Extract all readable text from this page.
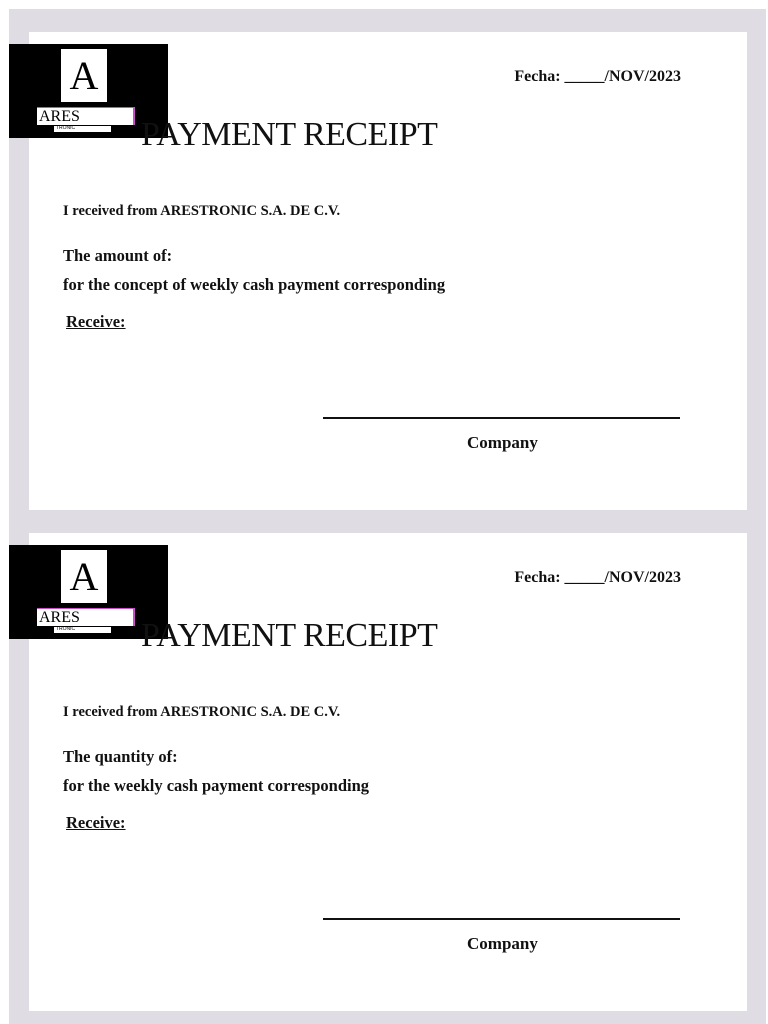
A
ARES
TRONIC
Fecha: _____/NOV/2023
PAYMENT RECEIPT
I received from ARESTRONIC S.A. DE C.V.
The amount of:
for the concept of weekly cash payment corresponding
Receive:
Company
A
ARES
TRONIC
Fecha: _____/NOV/2023
PAYMENT RECEIPT
I received from ARESTRONIC S.A. DE C.V.
The quantity of:
for the weekly cash payment corresponding
Receive:
Company
